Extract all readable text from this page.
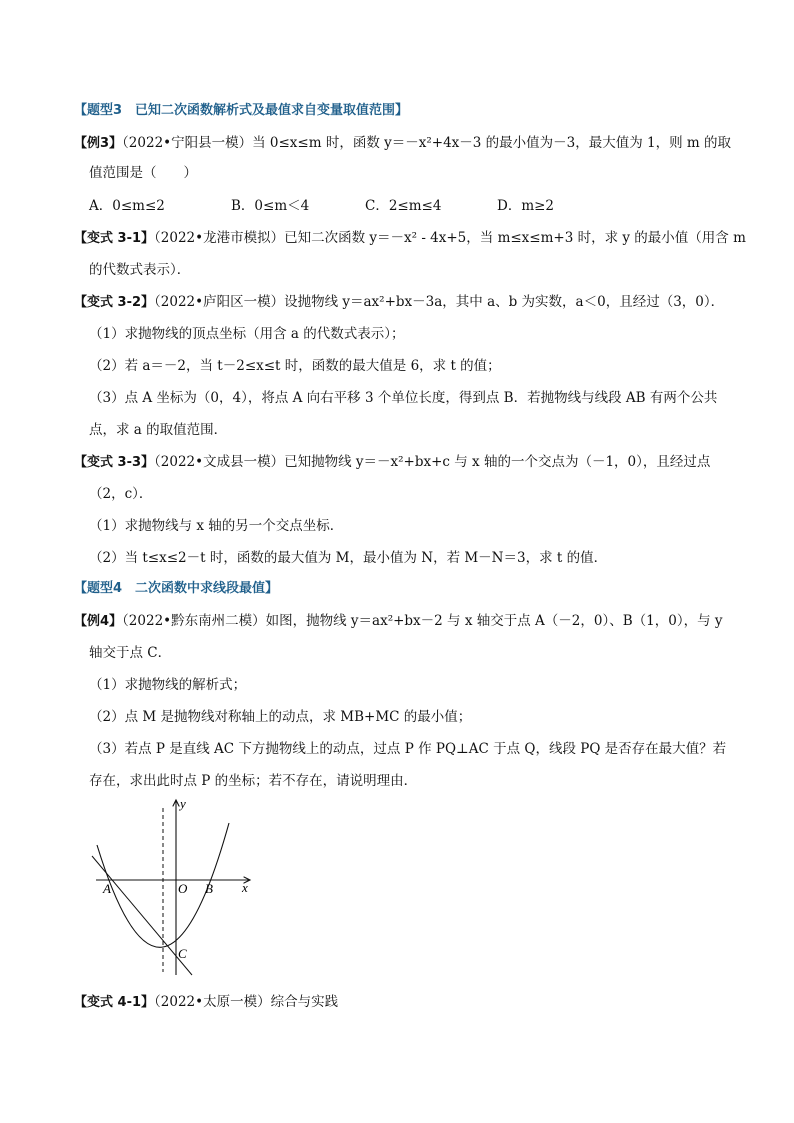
【题型3　已知二次函数解析式及最值求自变量取值范围】
【例3】（2022•宁阳县一模）当 0≤x≤m 时，函数 y＝－x²+4x－3 的最小值为－3，最大值为 1，则 m 的取
值范围是（　　）
A．0≤m≤2	B．0≤m＜4	C．2≤m≤4	D．m≥2
【变式 3-1】（2022•龙港市模拟）已知二次函数 y＝－x² - 4x+5，当 m≤x≤m+3 时，求 y 的最小值（用含 m
的代数式表示）．
【变式 3-2】（2022•庐阳区一模）设抛物线 y＝ax²+bx－3a，其中 a、b 为实数，a＜0，且经过（3，0）．
（1）求抛物线的顶点坐标（用含 a 的代数式表示）；
（2）若 a＝－2，当 t－2≤x≤t 时，函数的最大值是 6，求 t 的值；
（3）点 A 坐标为（0，4），将点 A 向右平移 3 个单位长度，得到点 B．若抛物线与线段 AB 有两个公共
点，求 a 的取值范围．
【变式 3-3】（2022•文成县一模）已知抛物线 y＝－x²+bx+c 与 x 轴的一个交点为（－1，0），且经过点
（2，c）．
（1）求抛物线与 x 轴的另一个交点坐标．
（2）当 t≤x≤2－t 时，函数的最大值为 M，最小值为 N，若 M－N＝3，求 t 的值．
【题型4　二次函数中求线段最值】
【例4】（2022•黔东南州二模）如图，抛物线 y＝ax²+bx－2 与 x 轴交于点 A（－2，0）、B（1，0），与 y
轴交于点 C．
（1）求抛物线的解析式；
（2）点 M 是抛物线对称轴上的动点，求 MB+MC 的最小值；
（3）若点 P 是直线 AC 下方抛物线上的动点，过点 P 作 PQ⊥AC 于点 Q，线段 PQ 是否存在最大值？若
存在，求出此时点 P 的坐标；若不存在，请说明理由．
y
x
O
A	B
C
【变式 4-1】（2022•太原一模）综合与实践
